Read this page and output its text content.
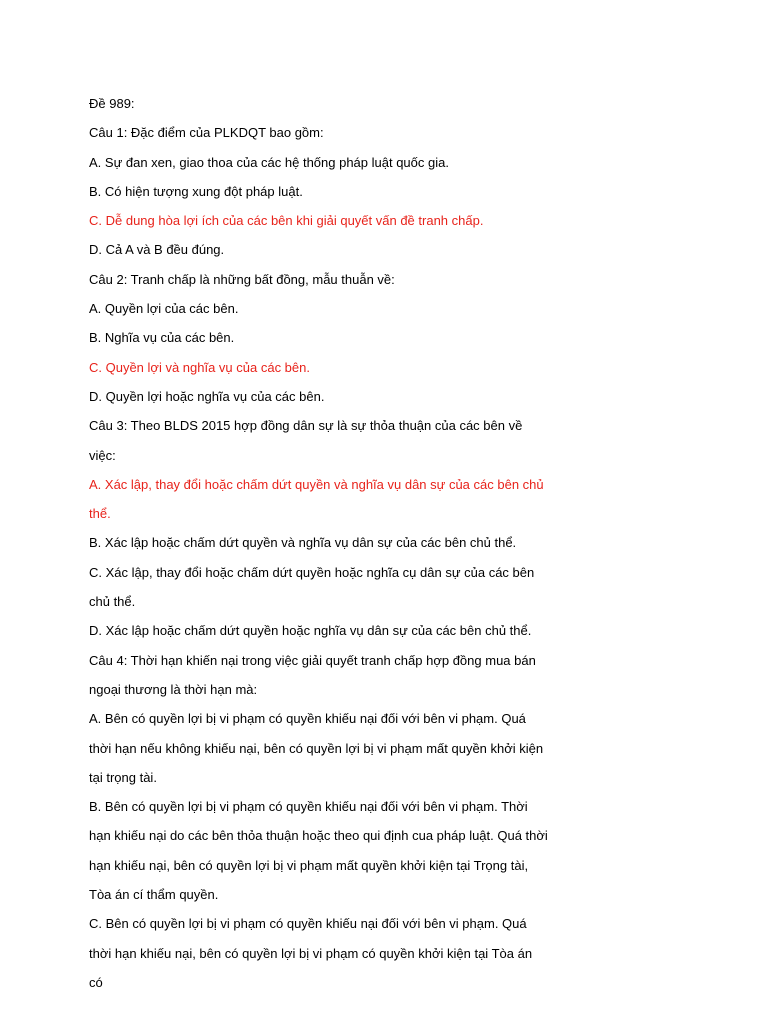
Đề 989:

Câu 1: Đặc điểm của PLKDQT bao gồm:

A. Sự đan xen, giao thoa của các hệ thống pháp luật quốc gia.

B. Có hiện tượng xung đột pháp luật.

C. Dễ dung hòa lợi ích của các bên khi giải quyết vấn đề tranh chấp.

D. Cả A và B đều đúng.

Câu 2: Tranh chấp là những bất đồng, mẫu thuẫn về:

A. Quyền lợi của các bên.

B. Nghĩa vụ của các bên.

C. Quyền lợi và nghĩa vụ của các bên.

D. Quyền lợi hoặc nghĩa vụ của các bên.

Câu 3: Theo BLDS 2015 hợp đồng dân sự là sự thỏa thuận của các bên về việc:

A. Xác lập, thay đổi hoặc chấm dứt quyền và nghĩa vụ dân sự của các bên chủ thể.

B. Xác lập hoặc chấm dứt quyền và nghĩa vụ dân sự của các bên chủ thể.

C. Xác lập, thay đổi hoặc chấm dứt quyền hoặc nghĩa cụ dân sự của các bên chủ thể.

D. Xác lập hoặc chấm dứt quyền hoặc nghĩa vụ dân sự của các bên chủ thể.

Câu 4: Thời hạn khiến nại trong việc giải quyết tranh chấp hợp đồng mua bán ngoại thương là thời hạn mà:

A. Bên có quyền lợi bị vi phạm có quyền khiếu nại đối với bên vi phạm. Quá thời hạn nếu không khiếu nại, bên có quyền lợi bị vi phạm mất quyền khởi kiện tại trọng tài.

B. Bên có quyền lợi bị vi phạm có quyền khiếu nại đối với bên vi phạm. Thời hạn khiếu nại do các bên thỏa thuận hoặc theo qui định cua pháp luật. Quá thời hạn khiếu nại, bên có quyền lợi bị vi phạm mất quyền khởi kiện tại Trọng tài, Tòa án cí thẩm quyền.

C. Bên có quyền lợi bị vi phạm có quyền khiếu nại đối với bên vi phạm. Quá thời hạn khiếu nại, bên có quyền lợi bị vi phạm có quyền khởi kiện tại Tòa án có
